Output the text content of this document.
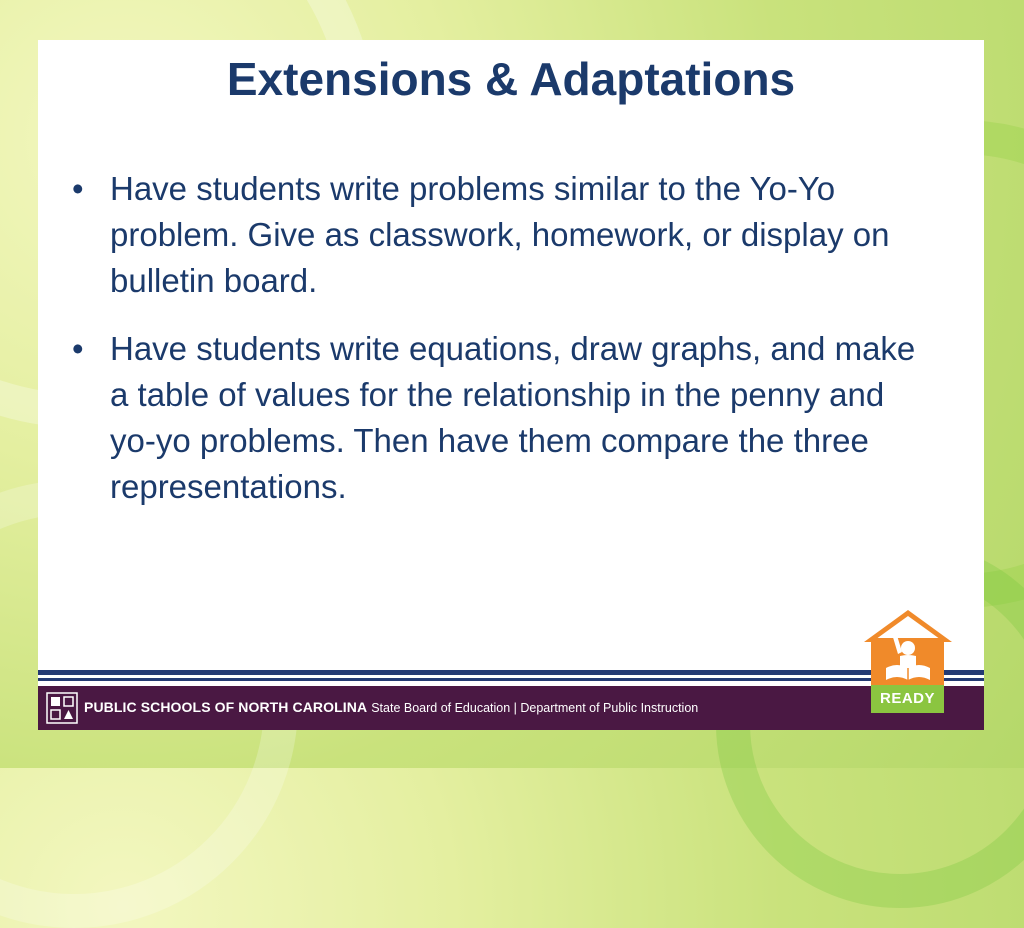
Extensions & Adaptations
• Have students write problems similar to the Yo-Yo problem. Give as classwork, homework, or display on bulletin board.
• Have students write equations, draw graphs, and make a table of values for the relationship in the penny and yo-yo problems. Then have them compare the three representations.
PUBLIC SCHOOLS OF NORTH CAROLINA State Board of Education | Department of Public Instruction
READY
